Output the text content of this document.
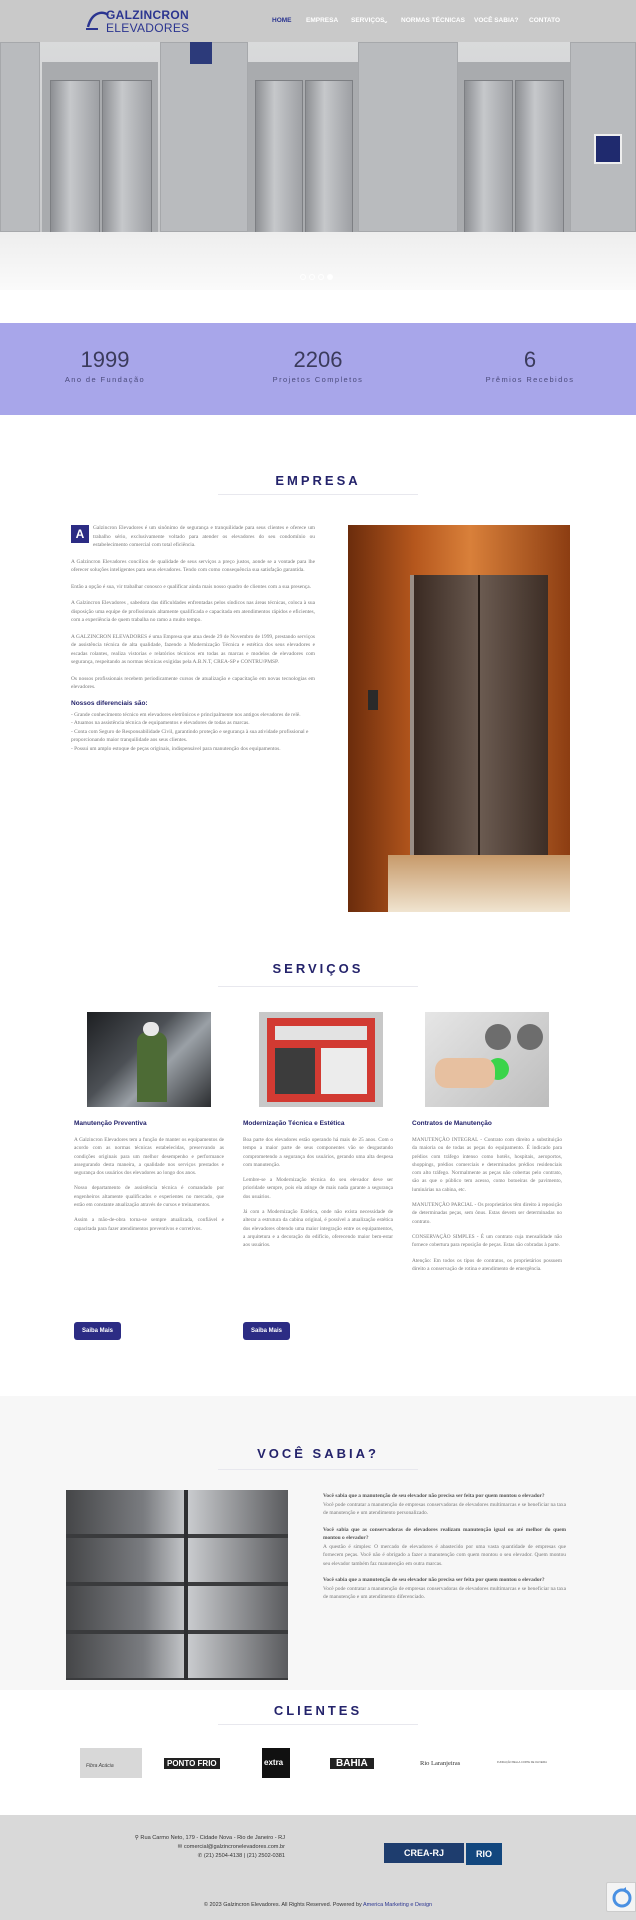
GALZINCRON
ELEVADORES
HOME EMPRESA SERVIÇOS
⌄ NORMAS TÉCNICAS VOCÊ SABIA? CONTATO
1999
Ano de Fundação
2206
Projetos Completos
6
Prêmios Recebidos
EMPRESA

A	Galzincron Elevadores é um sinônimo de segurança e tranquilidade para seus clientes e oferece um trabalho sério, exclusivamente voltado para atender os elevadores do seu condomínio ou estabelecimento comercial com total eficiência.

A Galzincron Elevadores conciliou de qualidade de seus serviços a preço justos, aonde se a vontade para lhe oferecer soluções inteligentes para seus elevadores. Tendo com como consequência sua satisfação garantida.

Então a opção é sua, vir trabalhar conosco e qualificar ainda mais nosso quadro de clientes com a sua presença.

A Galzincron Elevadores , sabedora das dificuldades enfrentadas pelos síndicos nas áreas técnicas, coloca à sua disposição uma equipe de profissionais altamente qualificada e capacitada em atendimentos rápidos e eficientes, com a experiência de quem trabalha no ramo a muito tempo.

A GALZINCRON ELEVADORES é uma Empresa que atua desde 29 de Novembro de 1999, prestando serviços de assistência técnica de alta qualidade, fazendo a Modernização Técnica e estética dos seus elevadores e escadas rolantes, realiza vistorias e relatórios técnicos em todas as marcas e modelos de elevadores com segurança, respeitando as normas técnicas exigidas pela A.B.N.T, CREA-SP e CONTRU/PMSP.

Os nossos profissionais recebem periodicamente cursos de atualização e capacitação em novas tecnologias em elevadores.

Nossos diferenciais são:
- Grande conhecimento técnico em elevadores eletrônicos e principalmente nos antigos elevadores de relê.
- Atuamos na assistência técnica de equipamentos e elevadores de todas as marcas.
- Conta com Seguro de Responsabilidade Civil, garantindo proteção e segurança à sua atividade profissional e proporcionando maior tranquilidade aos seus clientes.
- Possui um amplo estoque de peças originais, indispensável para manutenção dos equipamentos.
SERVIÇOS
Manutenção Preventiva

A Galzincron Elevadores tem a função de manter os equipamentos de acordo com as normas técnicas estabelecidas, preservando as condições originais para um melhor desempenho e performance assegurando desta maneira, a qualidade nos serviços prestados e segurança dos usuários dos elevadores ao longo dos anos.

Nosso departamento de assistência técnica é comandado por engenheiros altamente qualificados e experientes no mercado, que estão em constante atualização através de cursos e treinamentos.

Assim a mão-de-obra torna-se sempre atualizada, confiável e capacitada para fazer atendimentos preventivos e corretivos.

Saiba Mais
Modernização Técnica e Estética

Boa parte dos elevadores estão operando há mais de 25 anos. Com o tempo a maior parte de seus componentes vão se desgastando comprometendo a segurança dos usuários, gerando uma alta despesa com manutenção.

Lembre-se a Modernização técnica do seu elevador deve ser prioridade sempre, pois ela atinge de mais nada garante a segurança dos usuários.

Já com a Modernização Estética, onde não exista necessidade de alterar a estrutura da cabina original, é possível a atualização estética dos elevadores obtendo uma maior integração entre os equipamentos, a arquitetura e a decoração do edifício, oferecendo maior bem-estar aos usuários.

Saiba Mais
Contratos de Manutenção

MANUTENÇÃO INTEGRAL - Contrato com direito a substituição da maioria ou de todas as peças do equipamento. É indicado para prédios com tráfego intenso como hotéis, hospitais, aeroportos, shoppings, prédios comerciais e determinados prédios residenciais com alto tráfego. Normalmente as peças não cobertas pelo contrato, são as que o público tem acesso, como botoeiras de pavimento, luminárias na cabina, etc.

MANUTENÇÃO PARCIAL - Os proprietários têm direito à reposição de determinadas peças, sem ônus. Estas devem ser determinadas no contrato.

CONSERVAÇÃO SIMPLES - É um contrato cuja mensalidade não fornece cobertura para reposição de peças. Estas são cobradas à parte.

Atenção: Em todos os tipos de contratos, os proprietários possuem direito a conservação de rotina e atendimento de emergência.

VOCÊ SABIA?

Você sabia que a manutenção de seu elevador não precisa ser feita por quem montou o elevador?
Você pode contratar a manutenção de empresas conservadoras de elevadores multimarcas e se beneficiar na taxa de manutenção e um atendimento personalizado.

Você sabia que as conservadoras de elevadores realizam manutenção igual ou até melhor do quem montou o elevador?
A questão é simples: O mercado de elevadores é abastecido por uma vasta quantidade de empresas que fornecem peças. Você não é obrigado a fazer a manutenção com quem montou o seu elevador. Quem montou seu elevador também faz manutenção em outra marcas.

Você sabia que a manutenção de seu elevador não precisa ser feita por quem montou o elevador?
Você pode contratar a manutenção de empresas conservadoras de elevadores multimarcas e se beneficiar na taxa de manutenção e um atendimento diferenciado.

CLIENTES
Fibra Acácia	PONTO FRIO	extra	BAHIA	Rio Laranjeiras	FUNDAÇÃO BELLA CORTE DE OLIVEIRA
⚲ Rua Carmo Neto, 179 - Cidade Nova - Rio de Janeiro - RJ
✉ comercial@galzincronelevadores.com.br
✆ (21) 2504-4138 | (21) 2502-0381	CREA-RJ	RIO
© 2023 Galzincron Elevadores. All Rights Reserved. Powered by America Marketing e Design
